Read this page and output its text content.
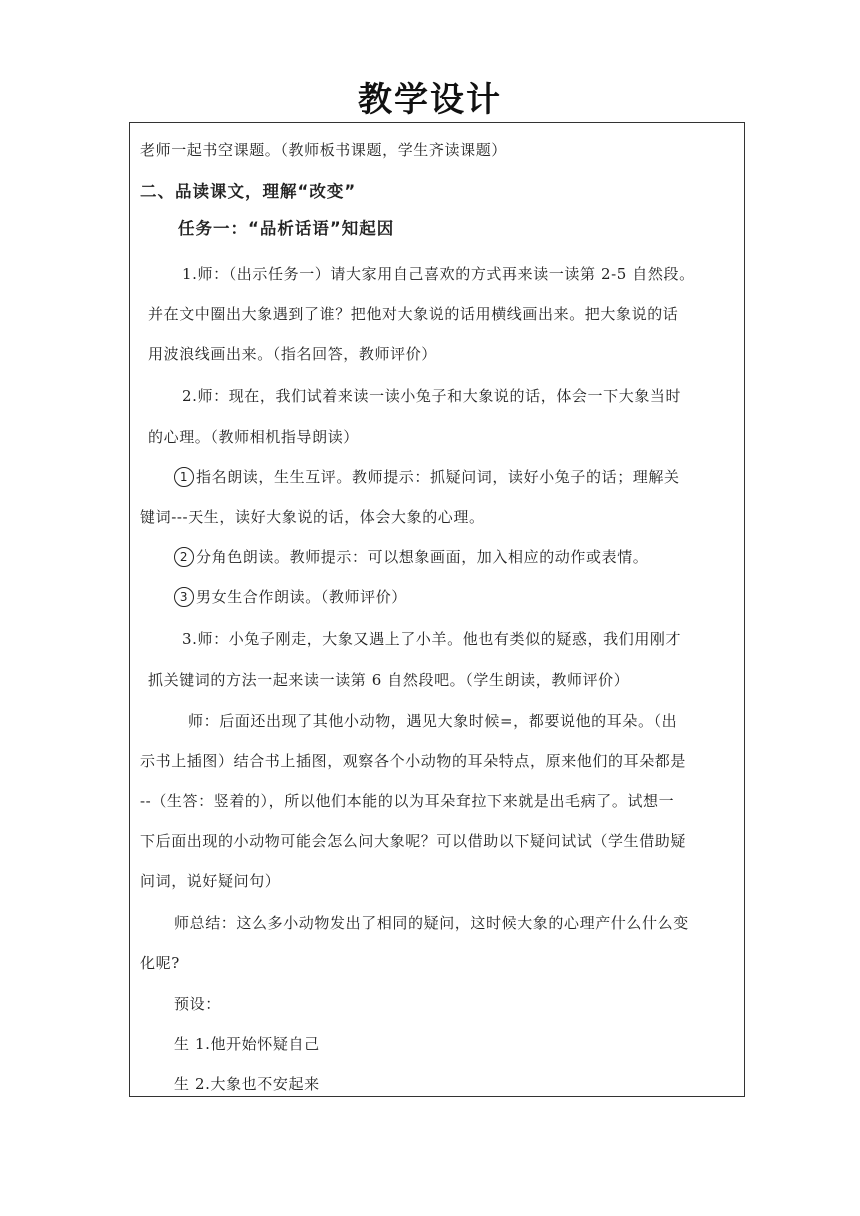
教学设计
老师一起书空课题。（教师板书课题，学生齐读课题）
二、品读课文，理解“改变”
任务一：“品析话语”知起因
1.师：（出示任务一）请大家用自己喜欢的方式再来读一读第 2-5 自然段。
并在文中圈出大象遇到了谁？把他对大象说的话用横线画出来。把大象说的话
用波浪线画出来。（指名回答，教师评价）
2.师：现在，我们试着来读一读小兔子和大象说的话，体会一下大象当时
的心理。（教师相机指导朗读）
1 指名朗读，生生互评。教师提示：抓疑问词，读好小兔子的话；理解关
键词---天生，读好大象说的话，体会大象的心理。
2 分角色朗读。教师提示：可以想象画面，加入相应的动作或表情。
3 男女生合作朗读。（教师评价）
3.师：小兔子刚走，大象又遇上了小羊。他也有类似的疑惑，我们用刚才
抓关键词的方法一起来读一读第 6 自然段吧。（学生朗读，教师评价）
师：后面还出现了其他小动物，遇见大象时候=，都要说他的耳朵。（出
示书上插图）结合书上插图，观察各个小动物的耳朵特点，原来他们的耳朵都是
--（生答：竖着的），所以他们本能的以为耳朵耷拉下来就是出毛病了。试想一
下后面出现的小动物可能会怎么问大象呢？可以借助以下疑问试试（学生借助疑
问词，说好疑问句）
师总结：这么多小动物发出了相同的疑问，这时候大象的心理产什么什么变
化呢?
预设：
生 1.他开始怀疑自己
生 2.大象也不安起来
